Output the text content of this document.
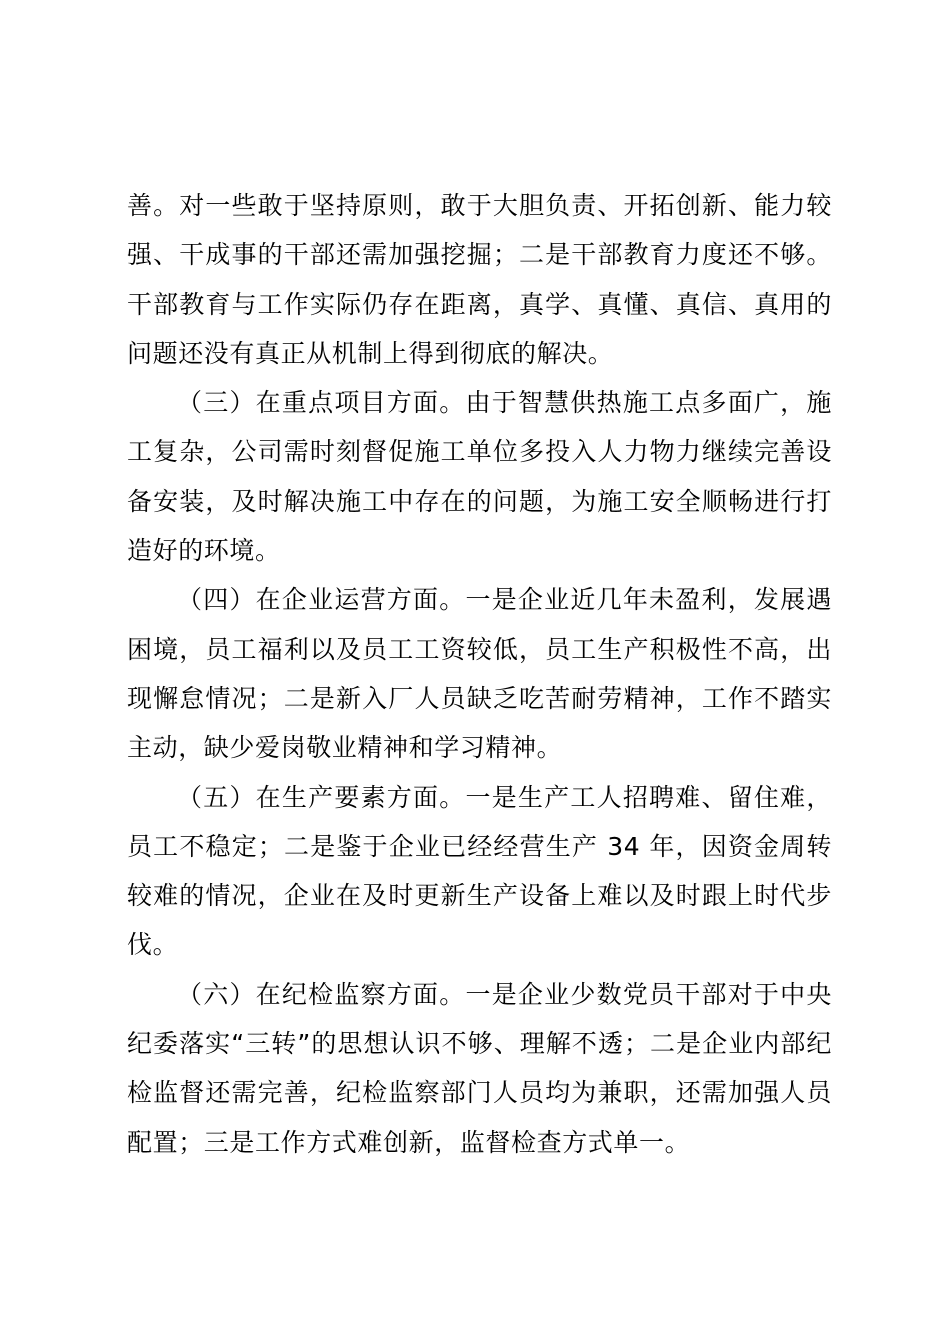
善。对一些敢于坚持原则，敢于大胆负责、开拓创新、能力较强、干成事的干部还需加强挖掘；二是干部教育力度还不够。干部教育与工作实际仍存在距离，真学、真懂、真信、真用的问题还没有真正从机制上得到彻底的解决。

（三）在重点项目方面。由于智慧供热施工点多面广，施工复杂，公司需时刻督促施工单位多投入人力物力继续完善设备安装，及时解决施工中存在的问题，为施工安全顺畅进行打造好的环境。

（四）在企业运营方面。一是企业近几年未盈利，发展遇困境，员工福利以及员工工资较低，员工生产积极性不高，出现懈怠情况；二是新入厂人员缺乏吃苦耐劳精神，工作不踏实主动，缺少爱岗敬业精神和学习精神。

（五）在生产要素方面。一是生产工人招聘难、留住难，员工不稳定；二是鉴于企业已经经营生产 34 年，因资金周转较难的情况，企业在及时更新生产设备上难以及时跟上时代步伐。

（六）在纪检监察方面。一是企业少数党员干部对于中央纪委落实“三转”的思想认识不够、理解不透；二是企业内部纪检监督还需完善，纪检监察部门人员均为兼职，还需加强人员配置；三是工作方式难创新，监督检查方式单一。
